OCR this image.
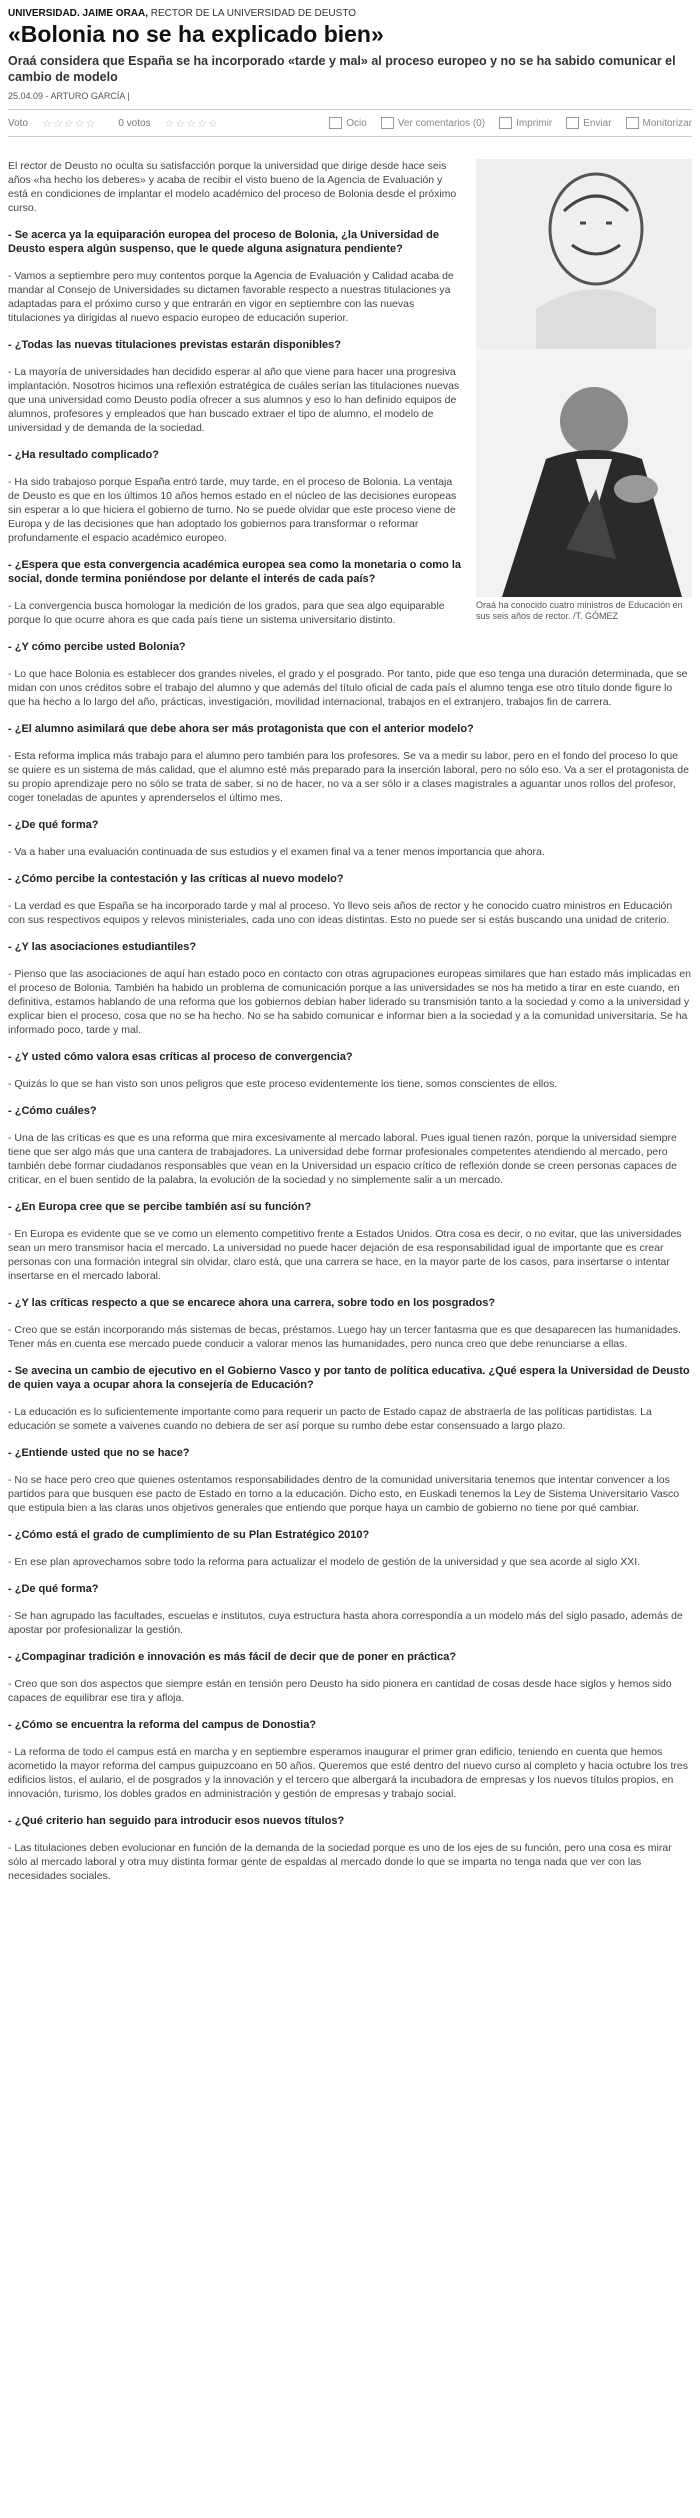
UNIVERSIDAD. JAIME ORAA, RECTOR DE LA UNIVERSIDAD DE DEUSTO
«Bolonia no se ha explicado bien»
Oraá considera que España se ha incorporado «tarde y mal» al proceso europeo y no se ha sabido comunicar el cambio de modelo
25.04.09 - ARTURO GARCÍA |
Voto ☆☆☆☆☆ 0 votos ☆☆☆☆☆	Ocio	Ver comentarios (0)	Imprimir	Enviar	Monitorizar
Oraá ha conocido cuatro ministros de Educación en sus seis años de rector. /T. GÓMEZ

El rector de Deusto no oculta su satisfacción porque la universidad que dirige desde hace seis años «ha hecho los deberes» y acaba de recibir el visto bueno de la Agencia de Evaluación y está en condiciones de implantar el modelo académico del proceso de Bolonia desde el próximo curso.

- Se acerca ya la equiparación europea del proceso de Bolonia, ¿la Universidad de Deusto espera algún suspenso, que le quede alguna asignatura pendiente?

- Vamos a septiembre pero muy contentos porque la Agencia de Evaluación y Calidad acaba de mandar al Consejo de Universidades su dictamen favorable respecto a nuestras titulaciones ya adaptadas para el próximo curso y que entrarán en vigor en septiembre con las nuevas titulaciones ya dirigidas al nuevo espacio europeo de educación superior.

- ¿Todas las nuevas titulaciones previstas estarán disponibles?

- La mayoría de universidades han decidido esperar al año que viene para hacer una progresiva implantación. Nosotros hicimos una reflexión estratégica de cuáles serían las titulaciones nuevas que una universidad como Deusto podía ofrecer a sus alumnos y eso lo han definido equipos de alumnos, profesores y empleados que han buscado extraer el tipo de alumno, el modelo de universidad y de demanda de la sociedad.

- ¿Ha resultado complicado?

- Ha sido trabajoso porque España entró tarde, muy tarde, en el proceso de Bolonia. La ventaja de Deusto es que en los últimos 10 años hemos estado en el núcleo de las decisiones europeas sin esperar a lo que hiciera el gobierno de turno. No se puede olvidar que este proceso viene de Europa y de las decisiones que han adoptado los gobiernos para transformar o reformar profundamente el espacio académico europeo.

- ¿Espera que esta convergencia académica europea sea como la monetaria o como la social, donde termina poniéndose por delante el interés de cada país?

- La convergencia busca homologar la medición de los grados, para que sea algo equiparable porque lo que ocurre ahora es que cada país tiene un sistema universitario distinto.

- ¿Y cómo percibe usted Bolonia?

- Lo que hace Bolonia es establecer dos grandes niveles, el grado y el posgrado. Por tanto, pide que eso tenga una duración determinada, que se midan con unos créditos sobre el trabajo del alumno y que además del título oficial de cada país el alumno tenga ese otro título donde figure lo que ha hecho a lo largo del año, prácticas, investigación, movilidad internacional, trabajos en el extranjero, trabajos fin de carrera.

- ¿El alumno asimilará que debe ahora ser más protagonista que con el anterior modelo?

- Esta reforma implica más trabajo para el alumno pero también para los profesores. Se va a medir su labor, pero en el fondo del proceso lo que se quiere es un sistema de más calidad, que el alumno esté más preparado para la inserción laboral, pero no sólo eso. Va a ser el protagonista de su propio aprendizaje pero no sólo se trata de saber, si no de hacer, no va a ser sólo ir a clases magistrales a aguantar unos rollos del profesor, coger toneladas de apuntes y aprenderselos el último mes.

- ¿De qué forma?

- Va a haber una evaluación continuada de sus estudios y el examen final va a tener menos importancia que ahora.

- ¿Cómo percibe la contestación y las críticas al nuevo modelo?

- La verdad es que España se ha incorporado tarde y mal al proceso. Yo llevo seis años de rector y he conocido cuatro ministros en Educación con sus respectivos equipos y relevos ministeriales, cada uno con ideas distintas. Esto no puede ser si estás buscando una unidad de criterio.

- ¿Y las asociaciones estudiantiles?

- Pienso que las asociaciones de aquí han estado poco en contacto con otras agrupaciones europeas similares que han estado más implicadas en el proceso de Bolonia. También ha habido un problema de comunicación porque a las universidades se nos ha metido a tirar en este cuando, en definitiva, estamos hablando de una reforma que los gobiernos debían haber liderado su transmisión tanto a la sociedad y como a la universidad y explicar bien el proceso, cosa que no se ha hecho. No se ha sabido comunicar e informar bien a la sociedad y a la comunidad universitaria. Se ha informado poco, tarde y mal.

- ¿Y usted cómo valora esas críticas al proceso de convergencia?

- Quizás lo que se han visto son unos peligros que este proceso evidentemente los tiene, somos conscientes de ellos.

- ¿Cómo cuáles?

- Una de las críticas es que es una reforma que mira excesivamente al mercado laboral. Pues igual tienen razón, porque la universidad siempre tiene que ser algo más que una cantera de trabajadores. La universidad debe formar profesionales competentes atendiendo al mercado, pero también debe formar ciudadanos responsables que vean en la Universidad un espacio crítico de reflexión donde se creen personas capaces de criticar, en el buen sentido de la palabra, la evolución de la sociedad y no simplemente salir a un mercado.

- ¿En Europa cree que se percibe también así su función?

- En Europa es evidente que se ve como un elemento competitivo frente a Estados Unidos. Otra cosa es decir, o no evitar, que las universidades sean un mero transmisor hacia el mercado. La universidad no puede hacer dejación de esa responsabilidad igual de importante que es crear personas con una formación integral sin olvidar, claro está, que una carrera se hace, en la mayor parte de los casos, para insertarse o intentar insertarse en el mercado laboral.

- ¿Y las críticas respecto a que se encarece ahora una carrera, sobre todo en los posgrados?

- Creo que se están incorporando más sistemas de becas, préstamos. Luego hay un tercer fantasma que es que desaparecen las humanidades. Tener más en cuenta ese mercado puede conducir a valorar menos las humanidades, pero nunca creo que debe renunciarse a ellas.

- Se avecina un cambio de ejecutivo en el Gobierno Vasco y por tanto de política educativa. ¿Qué espera la Universidad de Deusto de quien vaya a ocupar ahora la consejería de Educación?

- La educación es lo suficientemente importante como para requerir un pacto de Estado capaz de abstraerla de las políticas partidistas. La educación se somete a vaivenes cuando no debiera de ser así porque su rumbo debe estar consensuado a largo plazo.

- ¿Entiende usted que no se hace?

- No se hace pero creo que quienes ostentamos responsabilidades dentro de la comunidad universitaria tenemos que intentar convencer a los partidos para que busquen ese pacto de Estado en torno a la educación. Dicho esto, en Euskadi tenemos la Ley de Sistema Universitario Vasco que estipula bien a las claras unos objetivos generales que entiendo que porque haya un cambio de gobierno no tiene por qué cambiar.

- ¿Cómo está el grado de cumplimiento de su Plan Estratégico 2010?

- En ese plan aprovechamos sobre todo la reforma para actualizar el modelo de gestión de la universidad y que sea acorde al siglo XXI.

- ¿De qué forma?

- Se han agrupado las facultades, escuelas e institutos, cuya estructura hasta ahora correspondía a un modelo más del siglo pasado, además de apostar por profesionalizar la gestión.

- ¿Compaginar tradición e innovación es más fácil de decir que de poner en práctica?

- Creo que son dos aspectos que siempre están en tensión pero Deusto ha sido pionera en cantidad de cosas desde hace siglos y hemos sido capaces de equilibrar ese tira y afloja.

- ¿Cómo se encuentra la reforma del campus de Donostia?

- La reforma de todo el campus está en marcha y en septiembre esperamos inaugurar el primer gran edificio, teniendo en cuenta que hemos acometido la mayor reforma del campus guipuzcoano en 50 años. Queremos que esté dentro del nuevo curso al completo y hacia octubre los tres edificios listos, el aulario, el de posgrados y la innovación y el tercero que albergará la incubadora de empresas y los nuevos títulos propios, en innovación, turismo, los dobles grados en administración y gestión de empresas y trabajo social.

- ¿Qué criterio han seguido para introducir esos nuevos títulos?

- Las titulaciones deben evolucionar en función de la demanda de la sociedad porque es uno de los ejes de su función, pero una cosa es mirar sólo al mercado laboral y otra muy distinta formar gente de espaldas al mercado donde lo que se imparta no tenga nada que ver con las necesidades sociales.
